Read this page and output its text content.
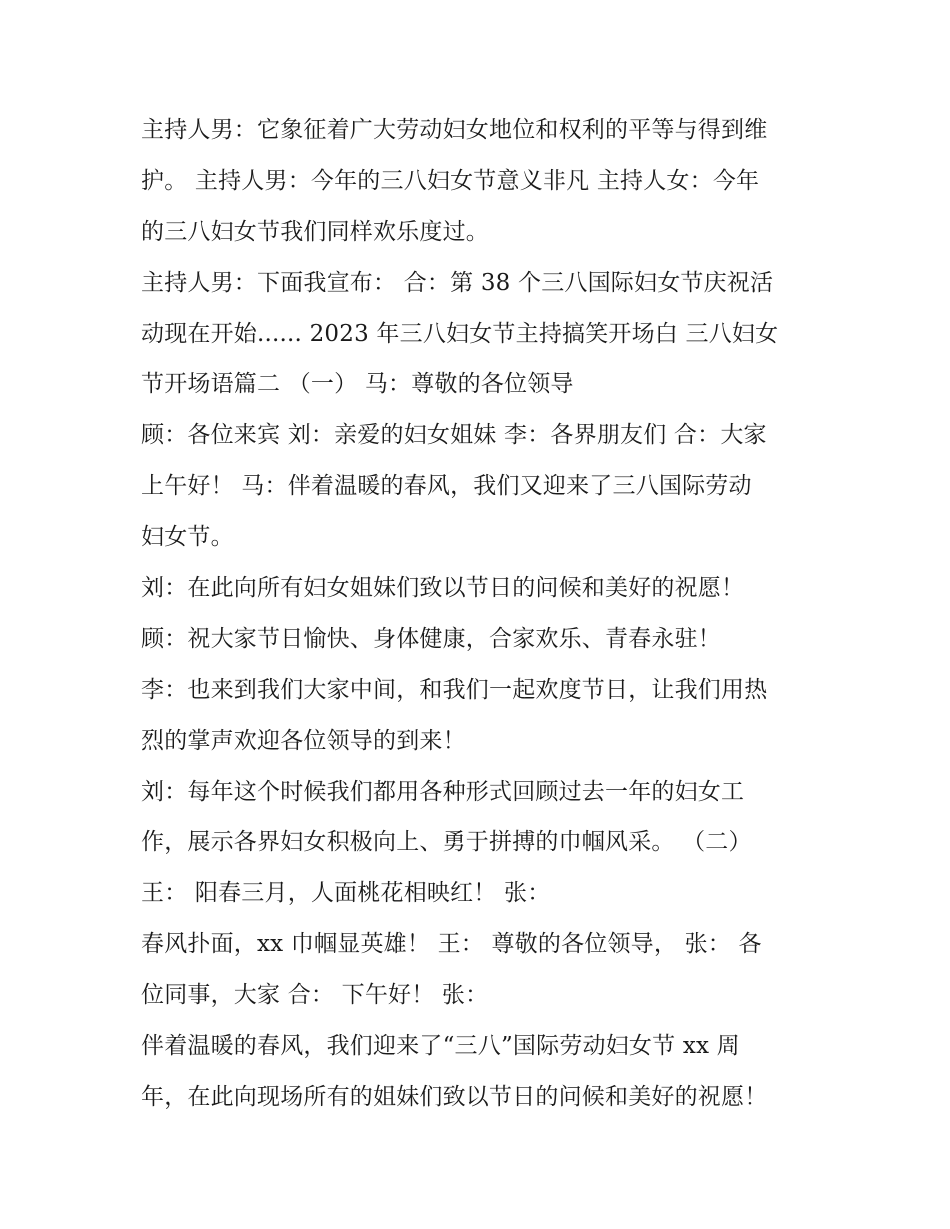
主持人男：它象征着广大劳动妇女地位和权利的平等与得到维
护。 主持人男：今年的三八妇女节意义非凡 主持人女：今年
的三八妇女节我们同样欢乐度过。
主持人男：下面我宣布： 合：第 38 个三八国际妇女节庆祝活
动现在开始...... 2023 年三八妇女节主持搞笑开场白 三八妇女
节开场语篇二 （一） 马：尊敬的各位领导
顾：各位来宾 刘：亲爱的妇女姐妹 李：各界朋友们 合：大家
上午好！ 马：伴着温暖的春风，我们又迎来了三八国际劳动
妇女节。
刘：在此向所有妇女姐妹们致以节日的问候和美好的祝愿！
顾：祝大家节日愉快、身体健康，合家欢乐、青春永驻！
李：也来到我们大家中间，和我们一起欢度节日，让我们用热
烈的掌声欢迎各位领导的到来！
刘：每年这个时候我们都用各种形式回顾过去一年的妇女工
作，展示各界妇女积极向上、勇于拼搏的巾帼风采。 （二）
王： 阳春三月，人面桃花相映红！ 张：
春风扑面，xx 巾帼显英雄！ 王： 尊敬的各位领导， 张： 各
位同事，大家 合： 下午好！ 张：
伴着温暖的春风，我们迎来了“三八”国际劳动妇女节 xx 周
年，在此向现场所有的姐妹们致以节日的问候和美好的祝愿！
